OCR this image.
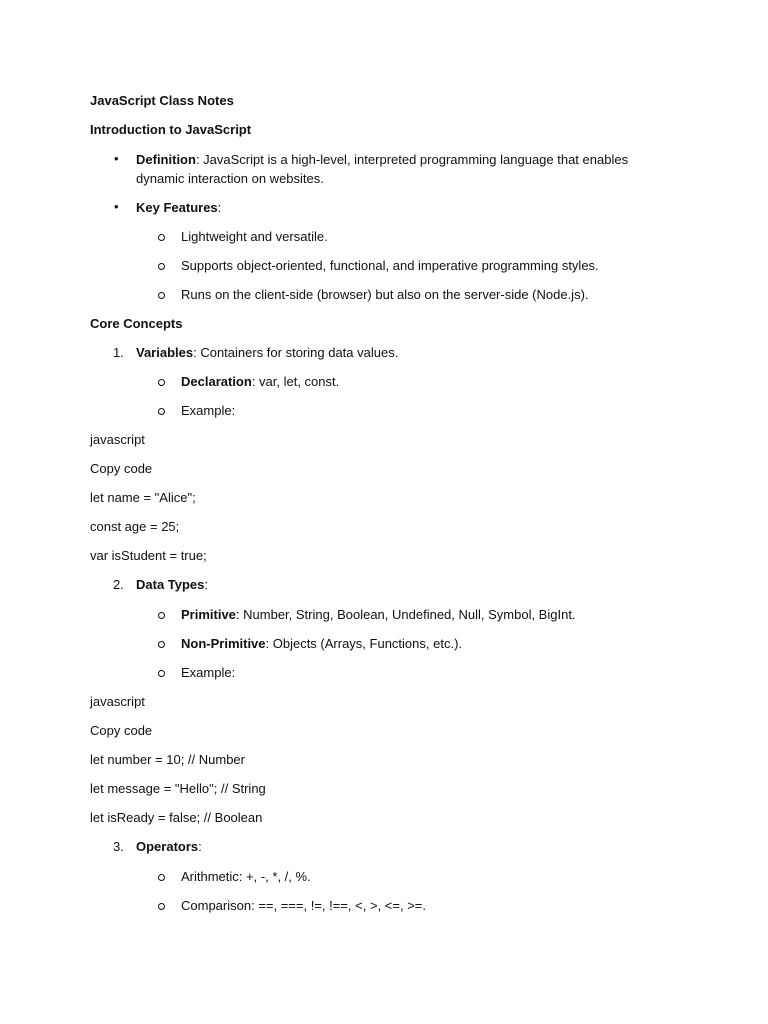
JavaScript Class Notes
Introduction to JavaScript
• Definition: JavaScript is a high-level, interpreted programming language that enables
dynamic interaction on websites.
• Key Features:
Lightweight and versatile.
Supports object-oriented, functional, and imperative programming styles.
Runs on the client-side (browser) but also on the server-side (Node.js).
Core Concepts
1. Variables: Containers for storing data values.
Declaration: var, let, const.
Example:
javascript
Copy code
let name = "Alice";
const age = 25;
var isStudent = true;
2. Data Types:
Primitive: Number, String, Boolean, Undefined, Null, Symbol, BigInt.
Non-Primitive: Objects (Arrays, Functions, etc.).
Example:
javascript
Copy code
let number = 10; // Number
let message = "Hello"; // String
let isReady = false; // Boolean
3. Operators:
Arithmetic: +, -, *, /, %.
Comparison: ==, ===, !=, !==, <, >, <=, >=.
